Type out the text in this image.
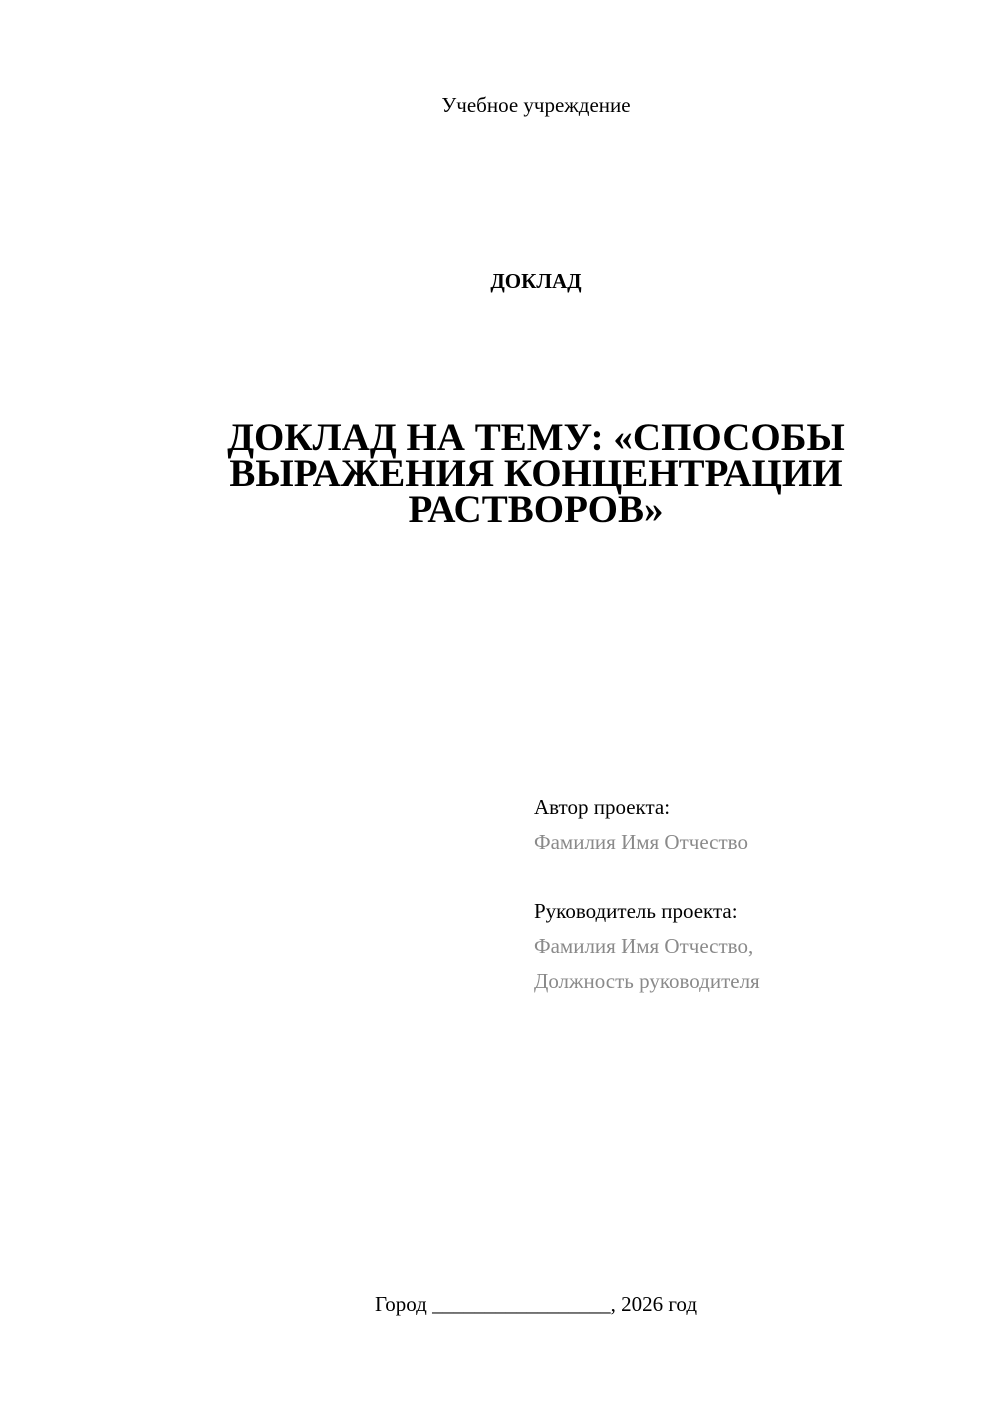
Учебное учреждение
ДОКЛАД
ДОКЛАД НА ТЕМУ: «СПОСОБЫ
ВЫРАЖЕНИЯ КОНЦЕНТРАЦИИ
РАСТВОРОВ»
Автор проекта:
Фамилия Имя Отчество
Руководитель проекта:
Фамилия Имя Отчество,
Должность руководителя
Город _________________, 2026 год
